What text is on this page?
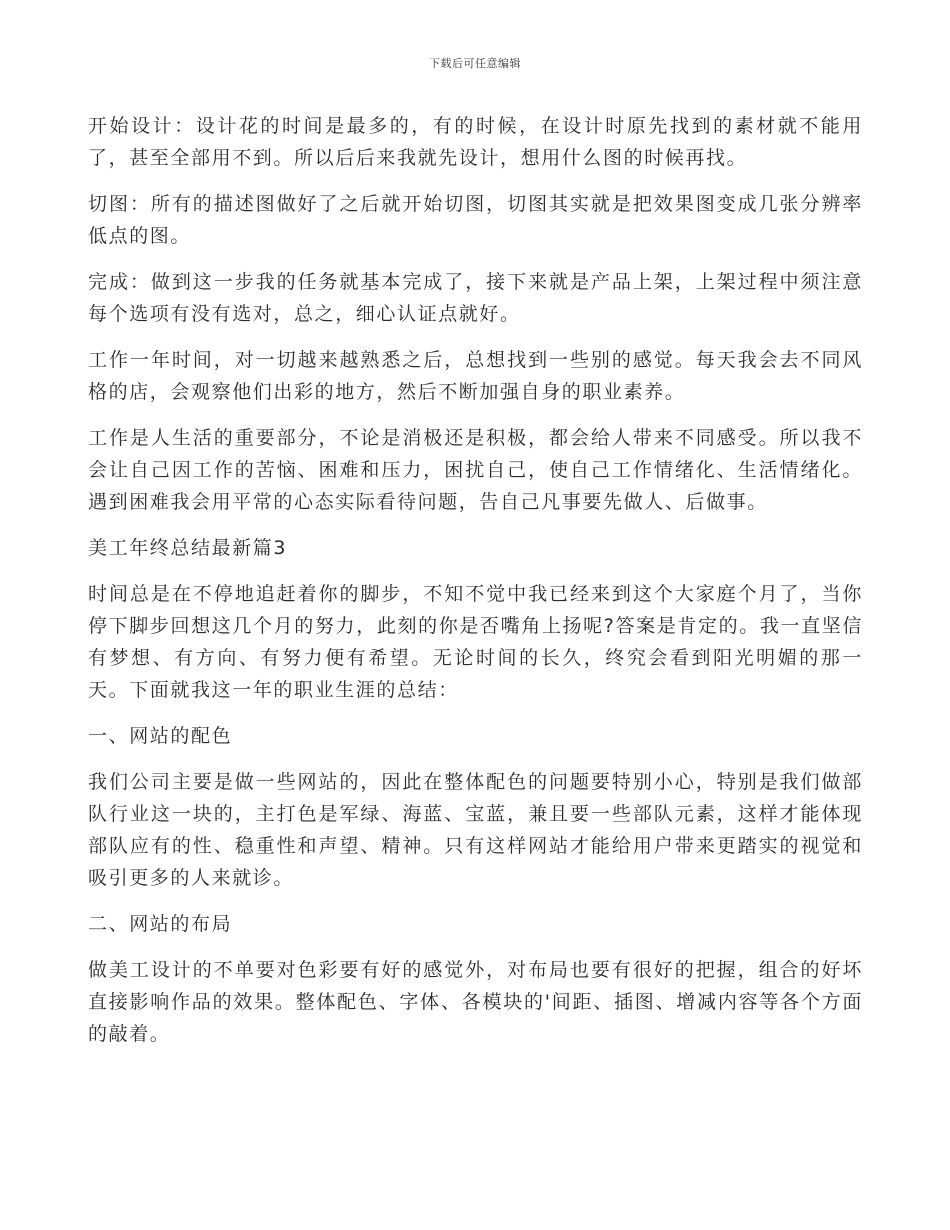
下载后可任意编辑

开始设计：设计花的时间是最多的，有的时候，在设计时原先找到的素材就不能用了，甚至全部用不到。所以后后来我就先设计，想用什么图的时候再找。

切图：所有的描述图做好了之后就开始切图，切图其实就是把效果图变成几张分辨率低点的图。

完成：做到这一步我的任务就基本完成了，接下来就是产品上架，上架过程中须注意每个选项有没有选对，总之，细心认证点就好。

工作一年时间，对一切越来越熟悉之后，总想找到一些别的感觉。每天我会去不同风格的店，会观察他们出彩的地方，然后不断加强自身的职业素养。

工作是人生活的重要部分，不论是消极还是积极，都会给人带来不同感受。所以我不会让自己因工作的苦恼、困难和压力，困扰自己，使自己工作情绪化、生活情绪化。遇到困难我会用平常的心态实际看待问题，告自己凡事要先做人、后做事。

美工年终总结最新篇3

时间总是在不停地追赶着你的脚步，不知不觉中我已经来到这个大家庭个月了，当你停下脚步回想这几个月的努力，此刻的你是否嘴角上扬呢?答案是肯定的。我一直坚信有梦想、有方向、有努力便有希望。无论时间的长久，终究会看到阳光明媚的那一天。下面就我这一年的职业生涯的总结：

一、网站的配色

我们公司主要是做一些网站的，因此在整体配色的问题要特别小心，特别是我们做部队行业这一块的，主打色是军绿、海蓝、宝蓝，兼且要一些部队元素，这样才能体现部队应有的性、稳重性和声望、精神。只有这样网站才能给用户带来更踏实的视觉和吸引更多的人来就诊。

二、网站的布局

做美工设计的不单要对色彩要有好的感觉外，对布局也要有很好的把握，组合的好坏直接影响作品的效果。整体配色、字体、各模块的'间距、插图、增减内容等各个方面的敲着。
